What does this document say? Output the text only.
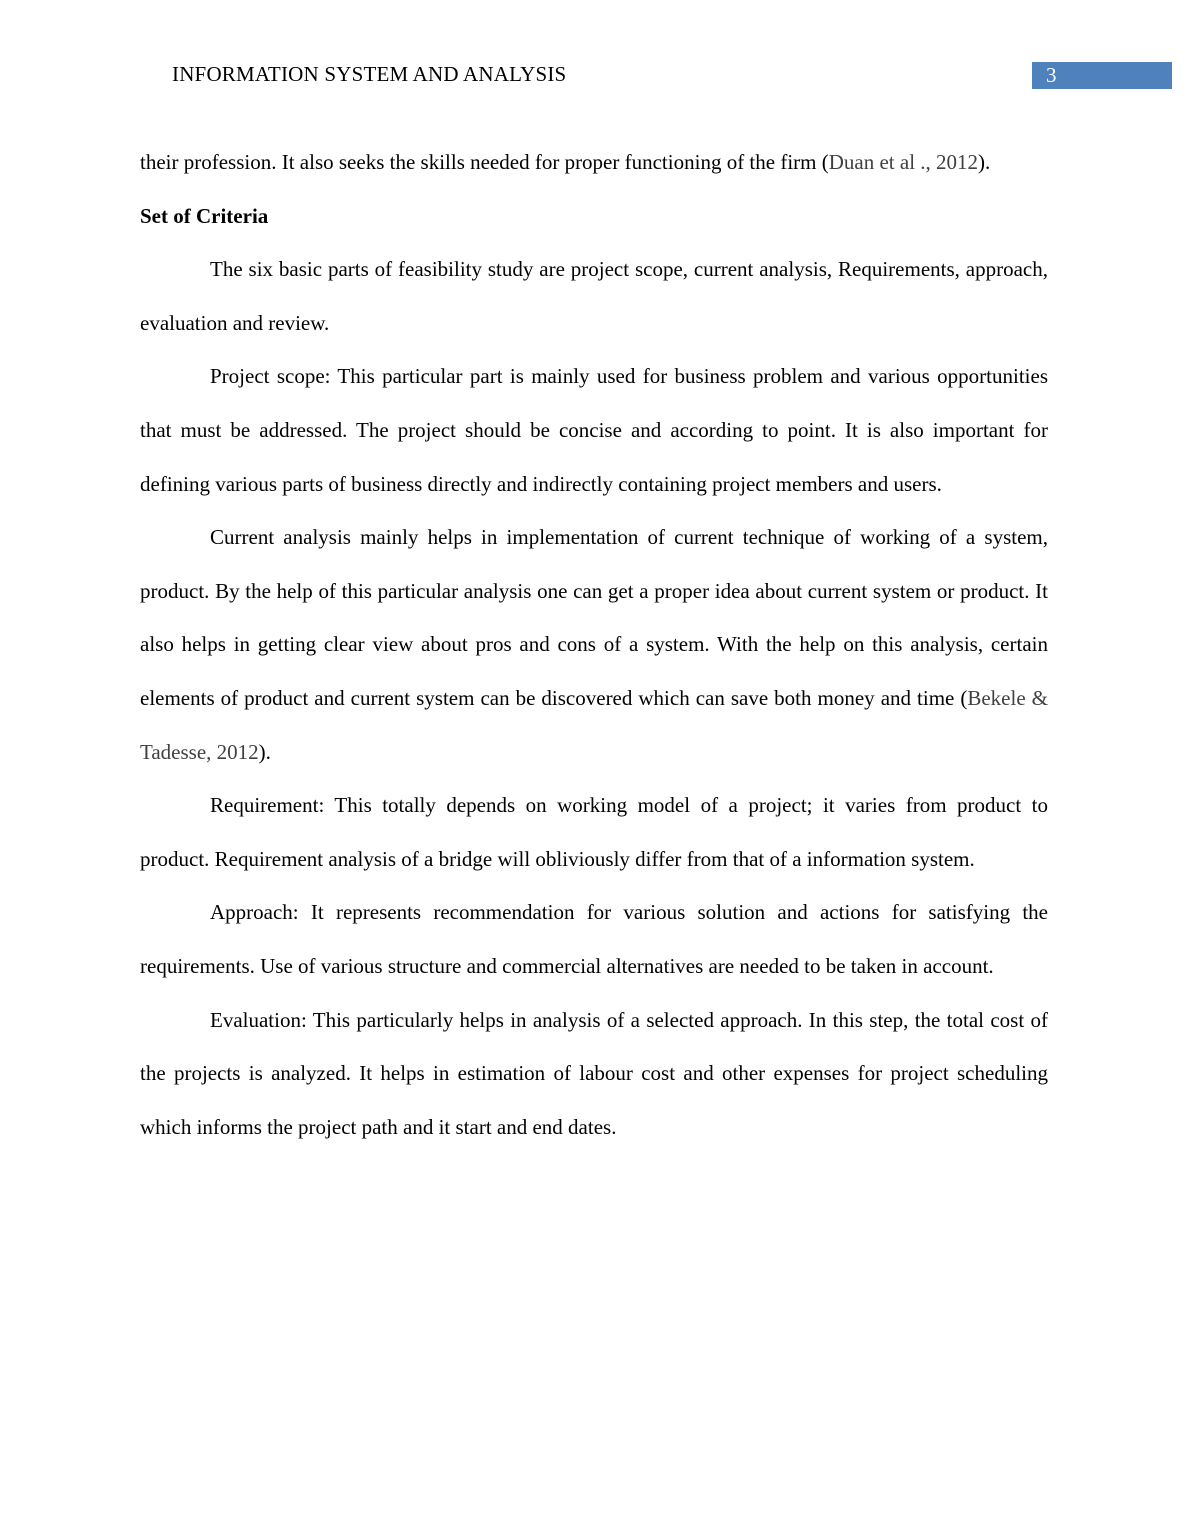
INFORMATION SYSTEM AND ANALYSIS	3

their profession. It also seeks the skills needed for proper functioning of the firm (Duan et al ., 2012).

Set of Criteria

The six basic parts of feasibility study are project scope, current analysis, Requirements, approach, evaluation and review.

Project scope: This particular part is mainly used for business problem and various opportunities that must be addressed. The project should be concise and according to point. It is also important for defining various parts of business directly and indirectly containing project members and users.

Current analysis mainly helps in implementation of current technique of working of a system, product. By the help of this particular analysis one can get a proper idea about current system or product. It also helps in getting clear view about pros and cons of a system. With the help on this analysis, certain elements of product and current system can be discovered which can save both money and time (Bekele & Tadesse, 2012).

Requirement: This totally depends on working model of a project; it varies from product to product. Requirement analysis of a bridge will obliviously differ from that of a information system.

Approach: It represents recommendation for various solution and actions for satisfying the requirements. Use of various structure and commercial alternatives are needed to be taken in account.

Evaluation: This particularly helps in analysis of a selected approach. In this step, the total cost of the projects is analyzed. It helps in estimation of labour cost and other expenses for project scheduling which informs the project path and it start and end dates.
